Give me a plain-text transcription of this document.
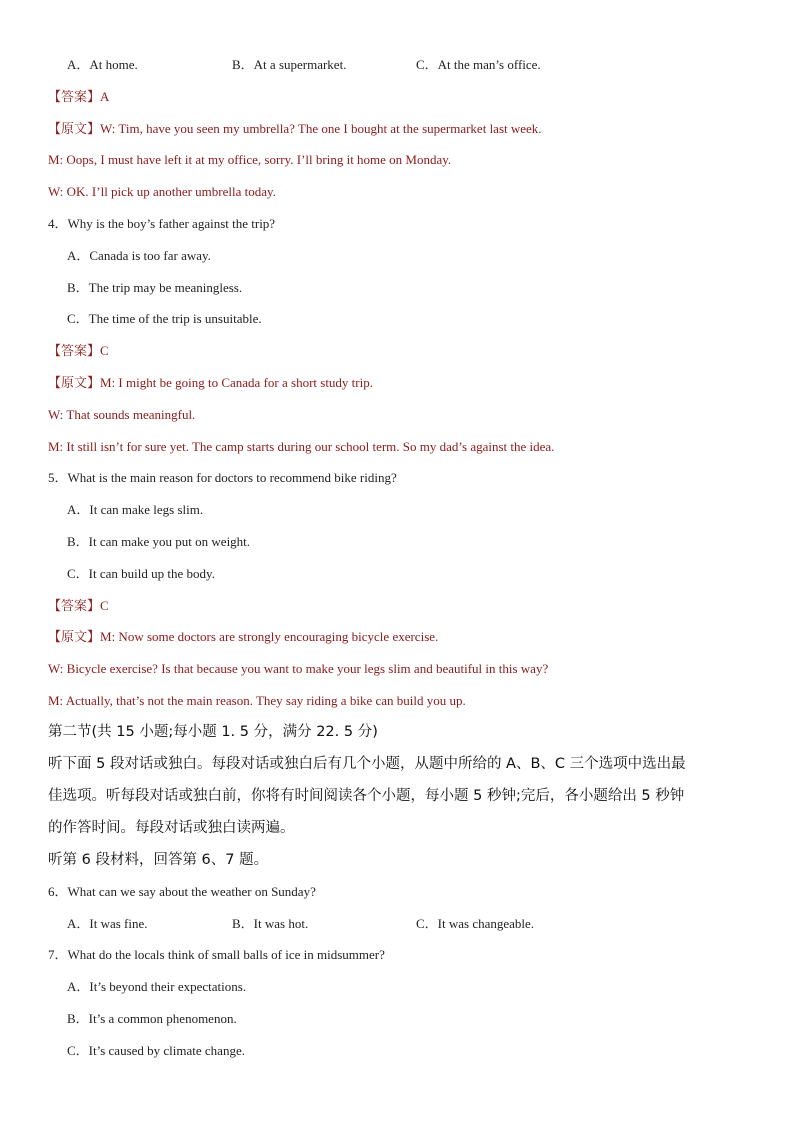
A．At home.	B．At a supermarket.	C．At the man’s office.
【答案】A
【原文】W: Tim, have you seen my umbrella? The one I bought at the supermarket last week.
M: Oops, I must have left it at my office, sorry. I’ll bring it home on Monday.
W: OK. I’ll pick up another umbrella today.
4．Why is the boy’s father against the trip?
A．Canada is too far away.
B．The trip may be meaningless.
C．The time of the trip is unsuitable.
【答案】C
【原文】M: I might be going to Canada for a short study trip.
W: That sounds meaningful.
M: It still isn’t for sure yet. The camp starts during our school term. So my dad’s against the idea.
5．What is the main reason for doctors to recommend bike riding?
A．It can make legs slim.
B．It can make you put on weight.
C．It can build up the body.
【答案】C
【原文】M: Now some doctors are strongly encouraging bicycle exercise.
W: Bicycle exercise? Is that because you want to make your legs slim and beautiful in this way?
M: Actually, that’s not the main reason. They say riding a bike can build you up.
第二节(共 15 小题;每小题 1. 5 分，满分 22. 5 分)
听下面 5 段对话或独白。每段对话或独白后有几个小题，从题中所给的 A、B、C 三个选项中选出最
佳选项。听每段对话或独白前，你将有时间阅读各个小题，每小题 5 秒钟;完后，各小题给出 5 秒钟
的作答时间。每段对话或独白读两遍。
听第 6 段材料，回答第 6、7 题。
6．What can we say about the weather on Sunday?
A．It was fine.	B．It was hot.	C．It was changeable.
7．What do the locals think of small balls of ice in midsummer?
A．It’s beyond their expectations.
B．It’s a common phenomenon.
C．It’s caused by climate change.
